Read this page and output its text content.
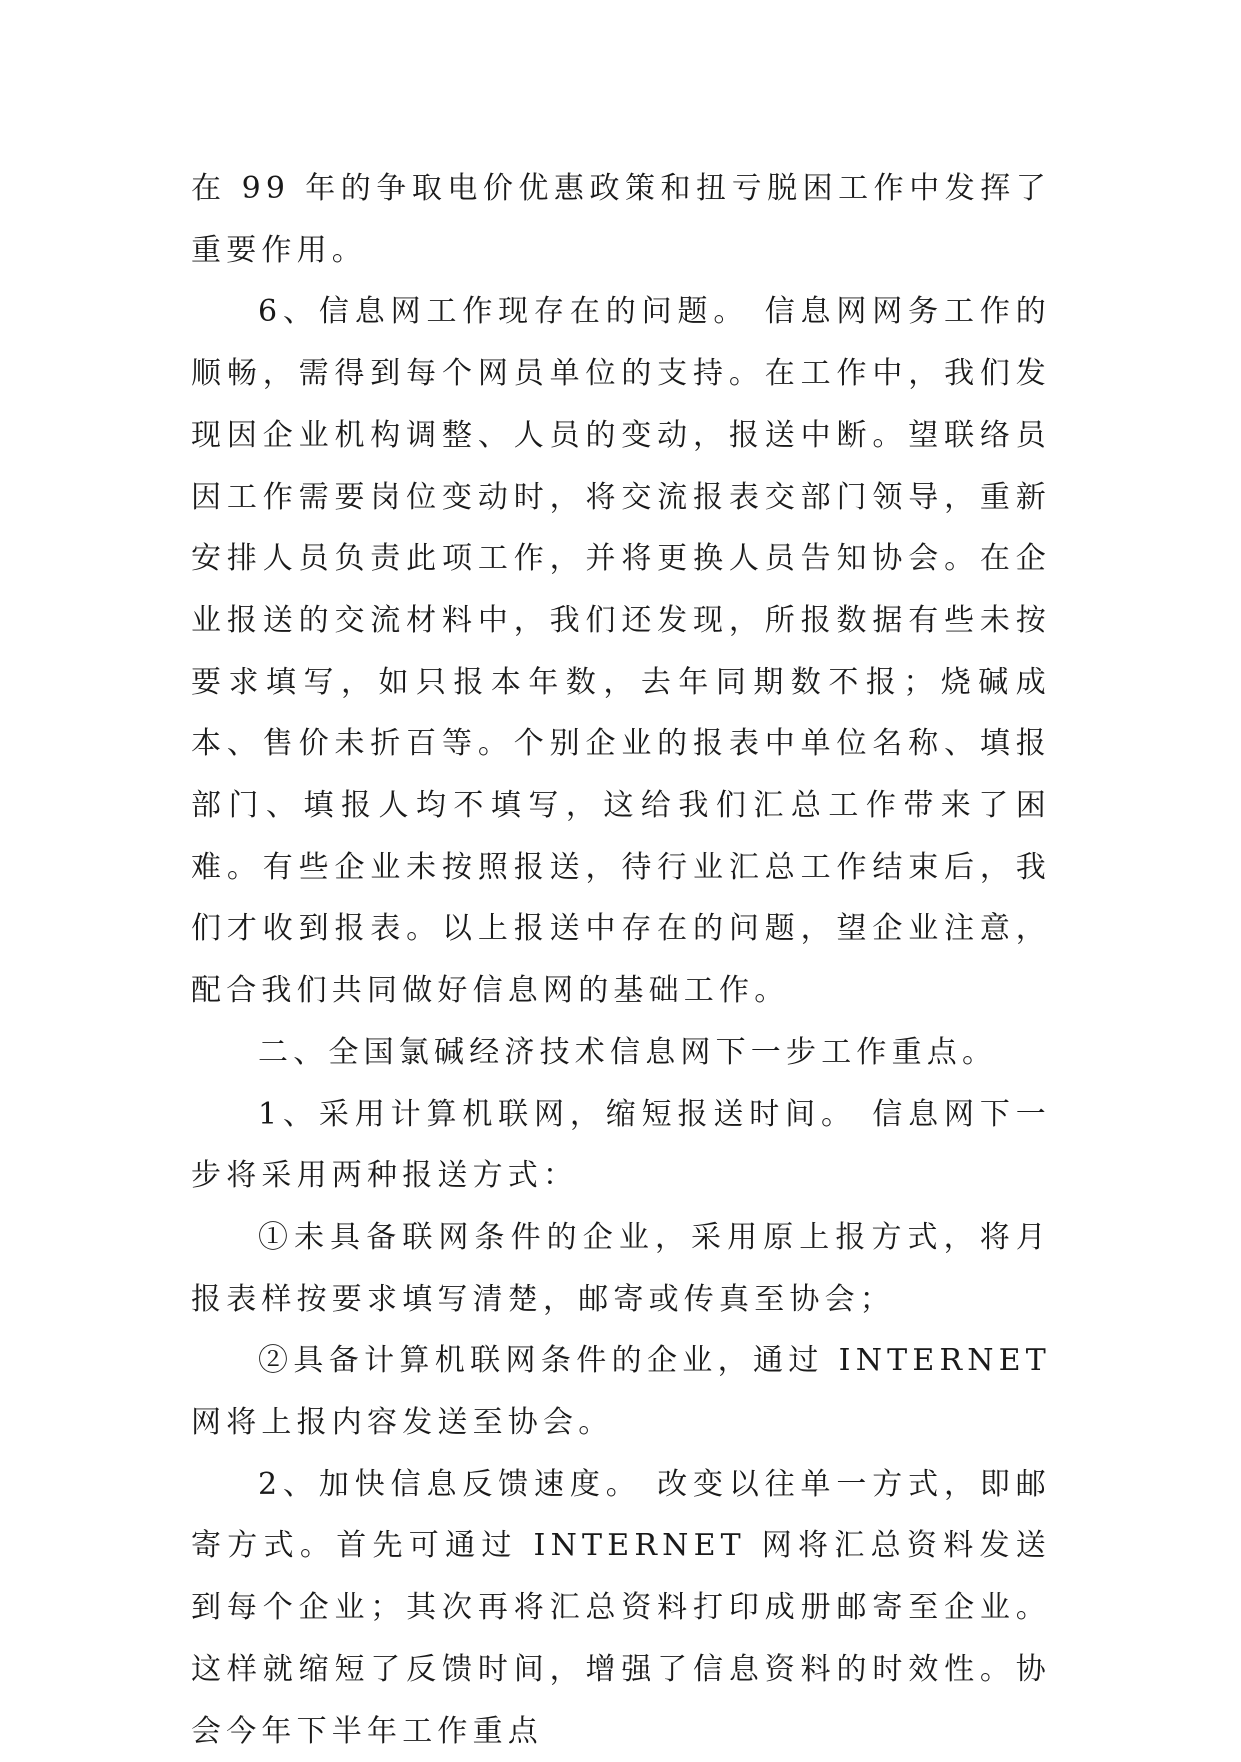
在 99 年的争取电价优惠政策和扭亏脱困工作中发挥了重要作用。

6、信息网工作现存在的问题。 信息网网务工作的顺畅，需得到每个网员单位的支持。在工作中，我们发现因企业机构调整、人员的变动，报送中断。望联络员因工作需要岗位变动时，将交流报表交部门领导，重新安排人员负责此项工作，并将更换人员告知协会。在企业报送的交流材料中，我们还发现，所报数据有些未按要求填写，如只报本年数，去年同期数不报；烧碱成本、售价未折百等。个别企业的报表中单位名称、填报部门、填报人均不填写，这给我们汇总工作带来了困难。有些企业未按照报送，待行业汇总工作结束后，我们才收到报表。以上报送中存在的问题，望企业注意，配合我们共同做好信息网的基础工作。

二、全国氯碱经济技术信息网下一步工作重点。

1、采用计算机联网，缩短报送时间。 信息网下一步将采用两种报送方式：

①未具备联网条件的企业，采用原上报方式，将月报表样按要求填写清楚，邮寄或传真至协会；

②具备计算机联网条件的企业，通过 INTERNET 网将上报内容发送至协会。

2、加快信息反馈速度。 改变以往单一方式，即邮寄方式。首先可通过 INTERNET 网将汇总资料发送到每个企业；其次再将汇总资料打印成册邮寄至企业。这样就缩短了反馈时间，增强了信息资料的时效性。协会今年下半年工作重点
